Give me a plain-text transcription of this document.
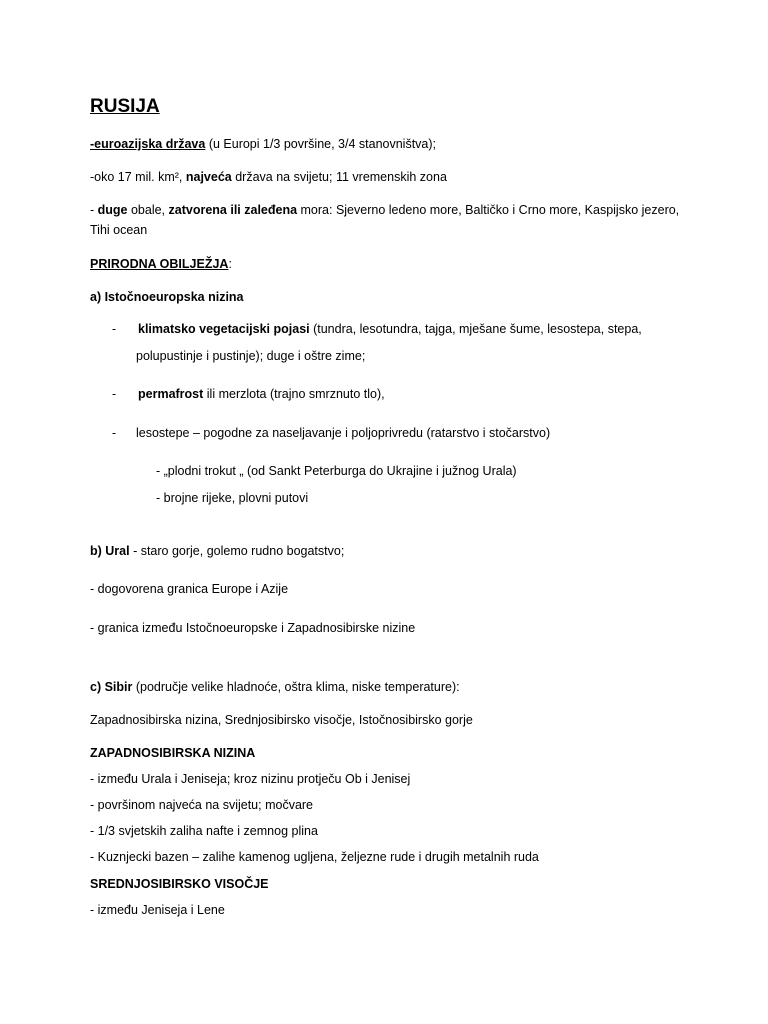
RUSIJA
-euroazijska država (u Europi 1/3 površine, 3/4 stanovništva);
-oko 17 mil. km², najveća država na svijetu; 11 vremenskih zona
- duge obale, zatvorena ili zaleđena mora: Sjeverno ledeno more, Baltičko i Crno more, Kaspijsko jezero,
Tihi ocean
PRIRODNA OBILJEŽJA:
a) Istočnoeuropska nizina
- klimatsko vegetacijski pojasi (tundra, lesotundra, tajga, mješane šume, lesostepa, stepa,
polupustinje i pustinje); duge i oštre zime;
- permafrost ili merzlota (trajno smrznuto tlo),
- lesostepe – pogodne za naseljavanje i poljoprivredu (ratarstvo i stočarstvo)
- „plodni trokut „ (od Sankt Peterburga do Ukrajine i južnog Urala)
- brojne rijeke, plovni putovi
b) Ural - staro gorje, golemo rudno bogatstvo;
- dogovorena granica Europe i Azije
- granica između Istočnoeuropske i Zapadnosibirske nizine
c) Sibir (područje velike hladnoće, oštra klima, niske temperature):
Zapadnosibirska nizina, Srednjosibirsko visočje, Istočnosibirsko gorje
ZAPADNOSIBIRSKA NIZINA
- između Urala i Jeniseja; kroz nizinu protječu Ob i Jenisej
- površinom najveća na svijetu; močvare
- 1/3 svjetskih zaliha nafte i zemnog plina
- Kuznjecki bazen – zalihe kamenog ugljena, željezne rude i drugih metalnih ruda
SREDNJOSIBIRSKO VISOČJE
- između Jeniseja i Lene
